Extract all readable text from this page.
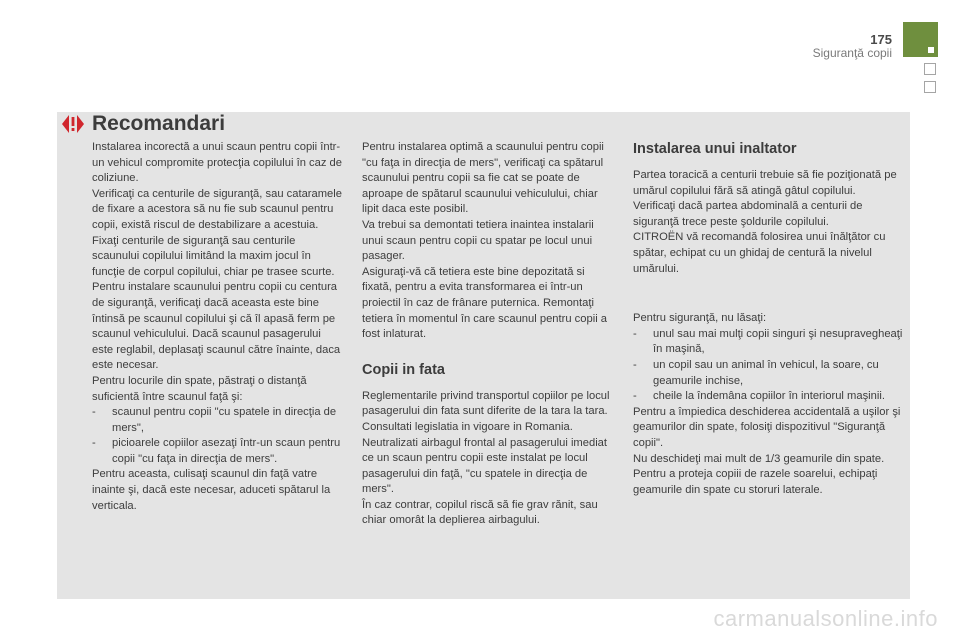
175
Siguranţă copii
Recomandari

Instalarea incorectă a unui scaun pentru copii într-un vehicul compromite protecţia copilului în caz de coliziune.

Verificaţi ca centurile de siguranţă, sau cataramele de fixare a acestora să nu fie sub scaunul pentru copii, există riscul de destabilizare a acestuia.

Fixaţi centurile de siguranţă sau centurile scaunului copilului limitând la maxim jocul în funcţie de corpul copilului, chiar pe trasee scurte.

Pentru instalare scaunului pentru copii cu centura de siguranţă, verificaţi dacă aceasta este bine întinsă pe scaunul copilului şi că îl apasă ferm pe scaunul vehiculului. Dacă scaunul pasagerului este reglabil, deplasaţi scaunul către înainte, daca este necesar.

Pentru locurile din spate, păstraţi o distanţă suficientă între scaunul faţă şi:

- scaunul pentru copii "cu spatele in direcţia de mers",
- picioarele copiilor asezaţi într-un scaun pentru copii "cu faţa in direcţia de mers".

Pentru aceasta, culisaţi scaunul din faţă vatre inainte şi, dacă este necesar, aduceti spătarul la verticala.

Pentru instalarea optimă a scaunului pentru copii "cu faţa in direcţia de mers", verificaţi ca spătarul scaunului pentru copii sa fie cat se poate de aproape de spătarul scaunului vehiculului, chiar lipit daca este posibil.

Va trebui sa demontati tetiera inaintea instalarii unui scaun pentru copii cu spatar pe locul unui pasager.

Asiguraţi-vă că tetiera este bine depozitată si fixată, pentru a evita transformarea ei într-un proiectil în caz de frânare puternica. Remontaţi tetiera în momentul în care scaunul pentru copii a fost inlaturat.

Copii in fata

Reglementarile privind transportul copiilor pe locul pasagerului din fata sunt diferite de la tara la tara. Consultati legislatia in vigoare in Romania.

Neutralizati airbagul frontal al pasagerului imediat ce un scaun pentru copii este instalat pe locul pasagerului din faţă, "cu spatele in direcţia de mers".

În caz contrar, copilul riscă să fie grav rănit, sau chiar omorât la deplierea airbagului.

Instalarea unui inaltator

Partea toracică a centurii trebuie să fie poziţionată pe umărul copilului fără să atingă gâtul copilului.

Verificaţi dacă partea abdominală a centurii de siguranţă trece peste şoldurile copilului.

CITROËN vă recomandă folosirea unui înălţător cu spătar, echipat cu un ghidaj de centură la nivelul umărului.

Pentru siguranţă, nu lăsaţi:

- unul sau mai mulţi copii singuri şi nesupravegheaţi în maşină,
- un copil sau un animal în vehicul, la soare, cu geamurile inchise,
- cheile la îndemâna copiilor în interiorul maşinii.

Pentru a împiedica deschiderea accidentală a uşilor şi geamurilor din spate, folosiţi dispozitivul "Siguranţă copii".

Nu deschideţi mai mult de 1/3 geamurile din spate.

Pentru a proteja copiii de razele soarelui, echipaţi geamurile din spate cu storuri laterale.

carmanualsonline.info
